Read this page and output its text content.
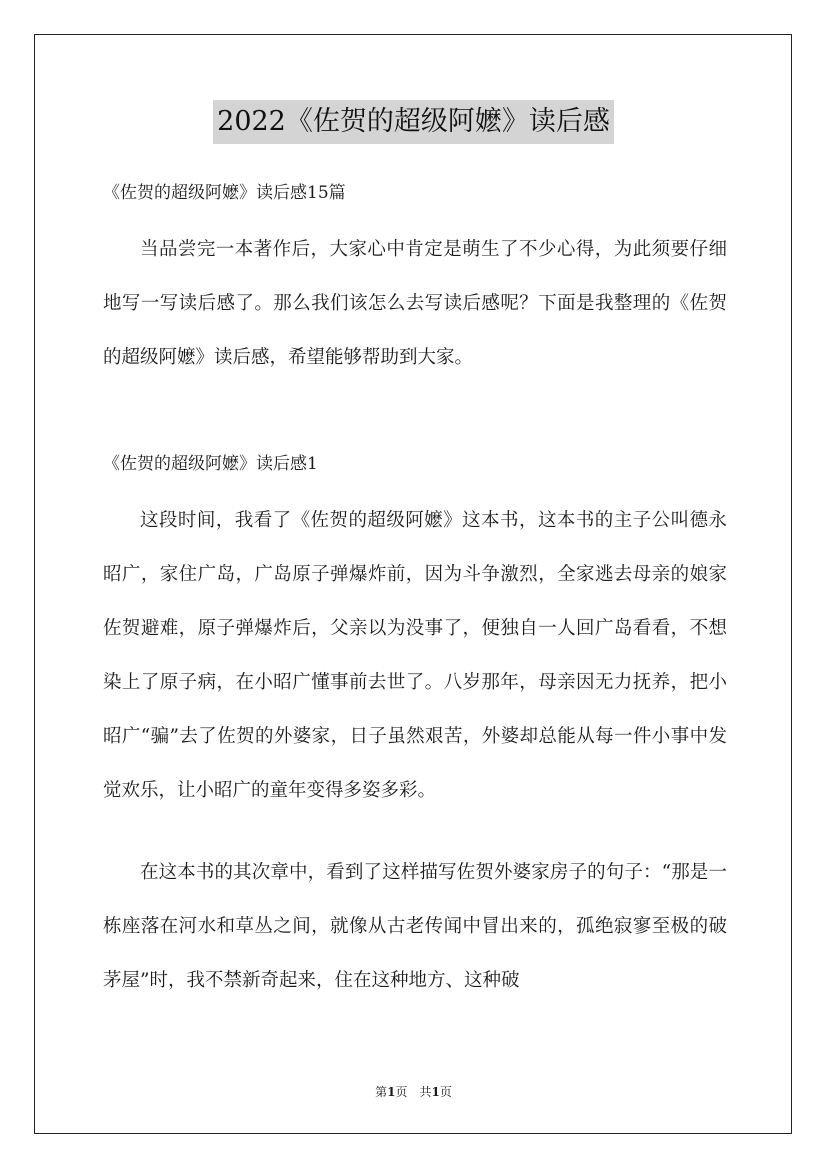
2022《佐贺的超级阿嬷》读后感
《佐贺的超级阿嬷》读后感15篇

当品尝完一本著作后，大家心中肯定是萌生了不少心得，为此须要仔细地写一写读后感了。那么我们该怎么去写读后感呢？下面是我整理的《佐贺的超级阿嬷》读后感，希望能够帮助到大家。

《佐贺的超级阿嬷》读后感1

这段时间，我看了《佐贺的超级阿嬷》这本书，这本书的主子公叫德永昭广，家住广岛，广岛原子弹爆炸前，因为斗争激烈，全家逃去母亲的娘家佐贺避难，原子弹爆炸后，父亲以为没事了，便独自一人回广岛看看，不想染上了原子病，在小昭广懂事前去世了。八岁那年，母亲因无力抚养，把小昭广“骗”去了佐贺的外婆家，日子虽然艰苦，外婆却总能从每一件小事中发觉欢乐，让小昭广的童年变得多姿多彩。

在这本书的其次章中，看到了这样描写佐贺外婆家房子的句子：“那是一栋座落在河水和草丛之间，就像从古老传闻中冒出来的，孤绝寂寥至极的破茅屋”时，我不禁新奇起来，住在这种地方、这种破

第1页　共1页
